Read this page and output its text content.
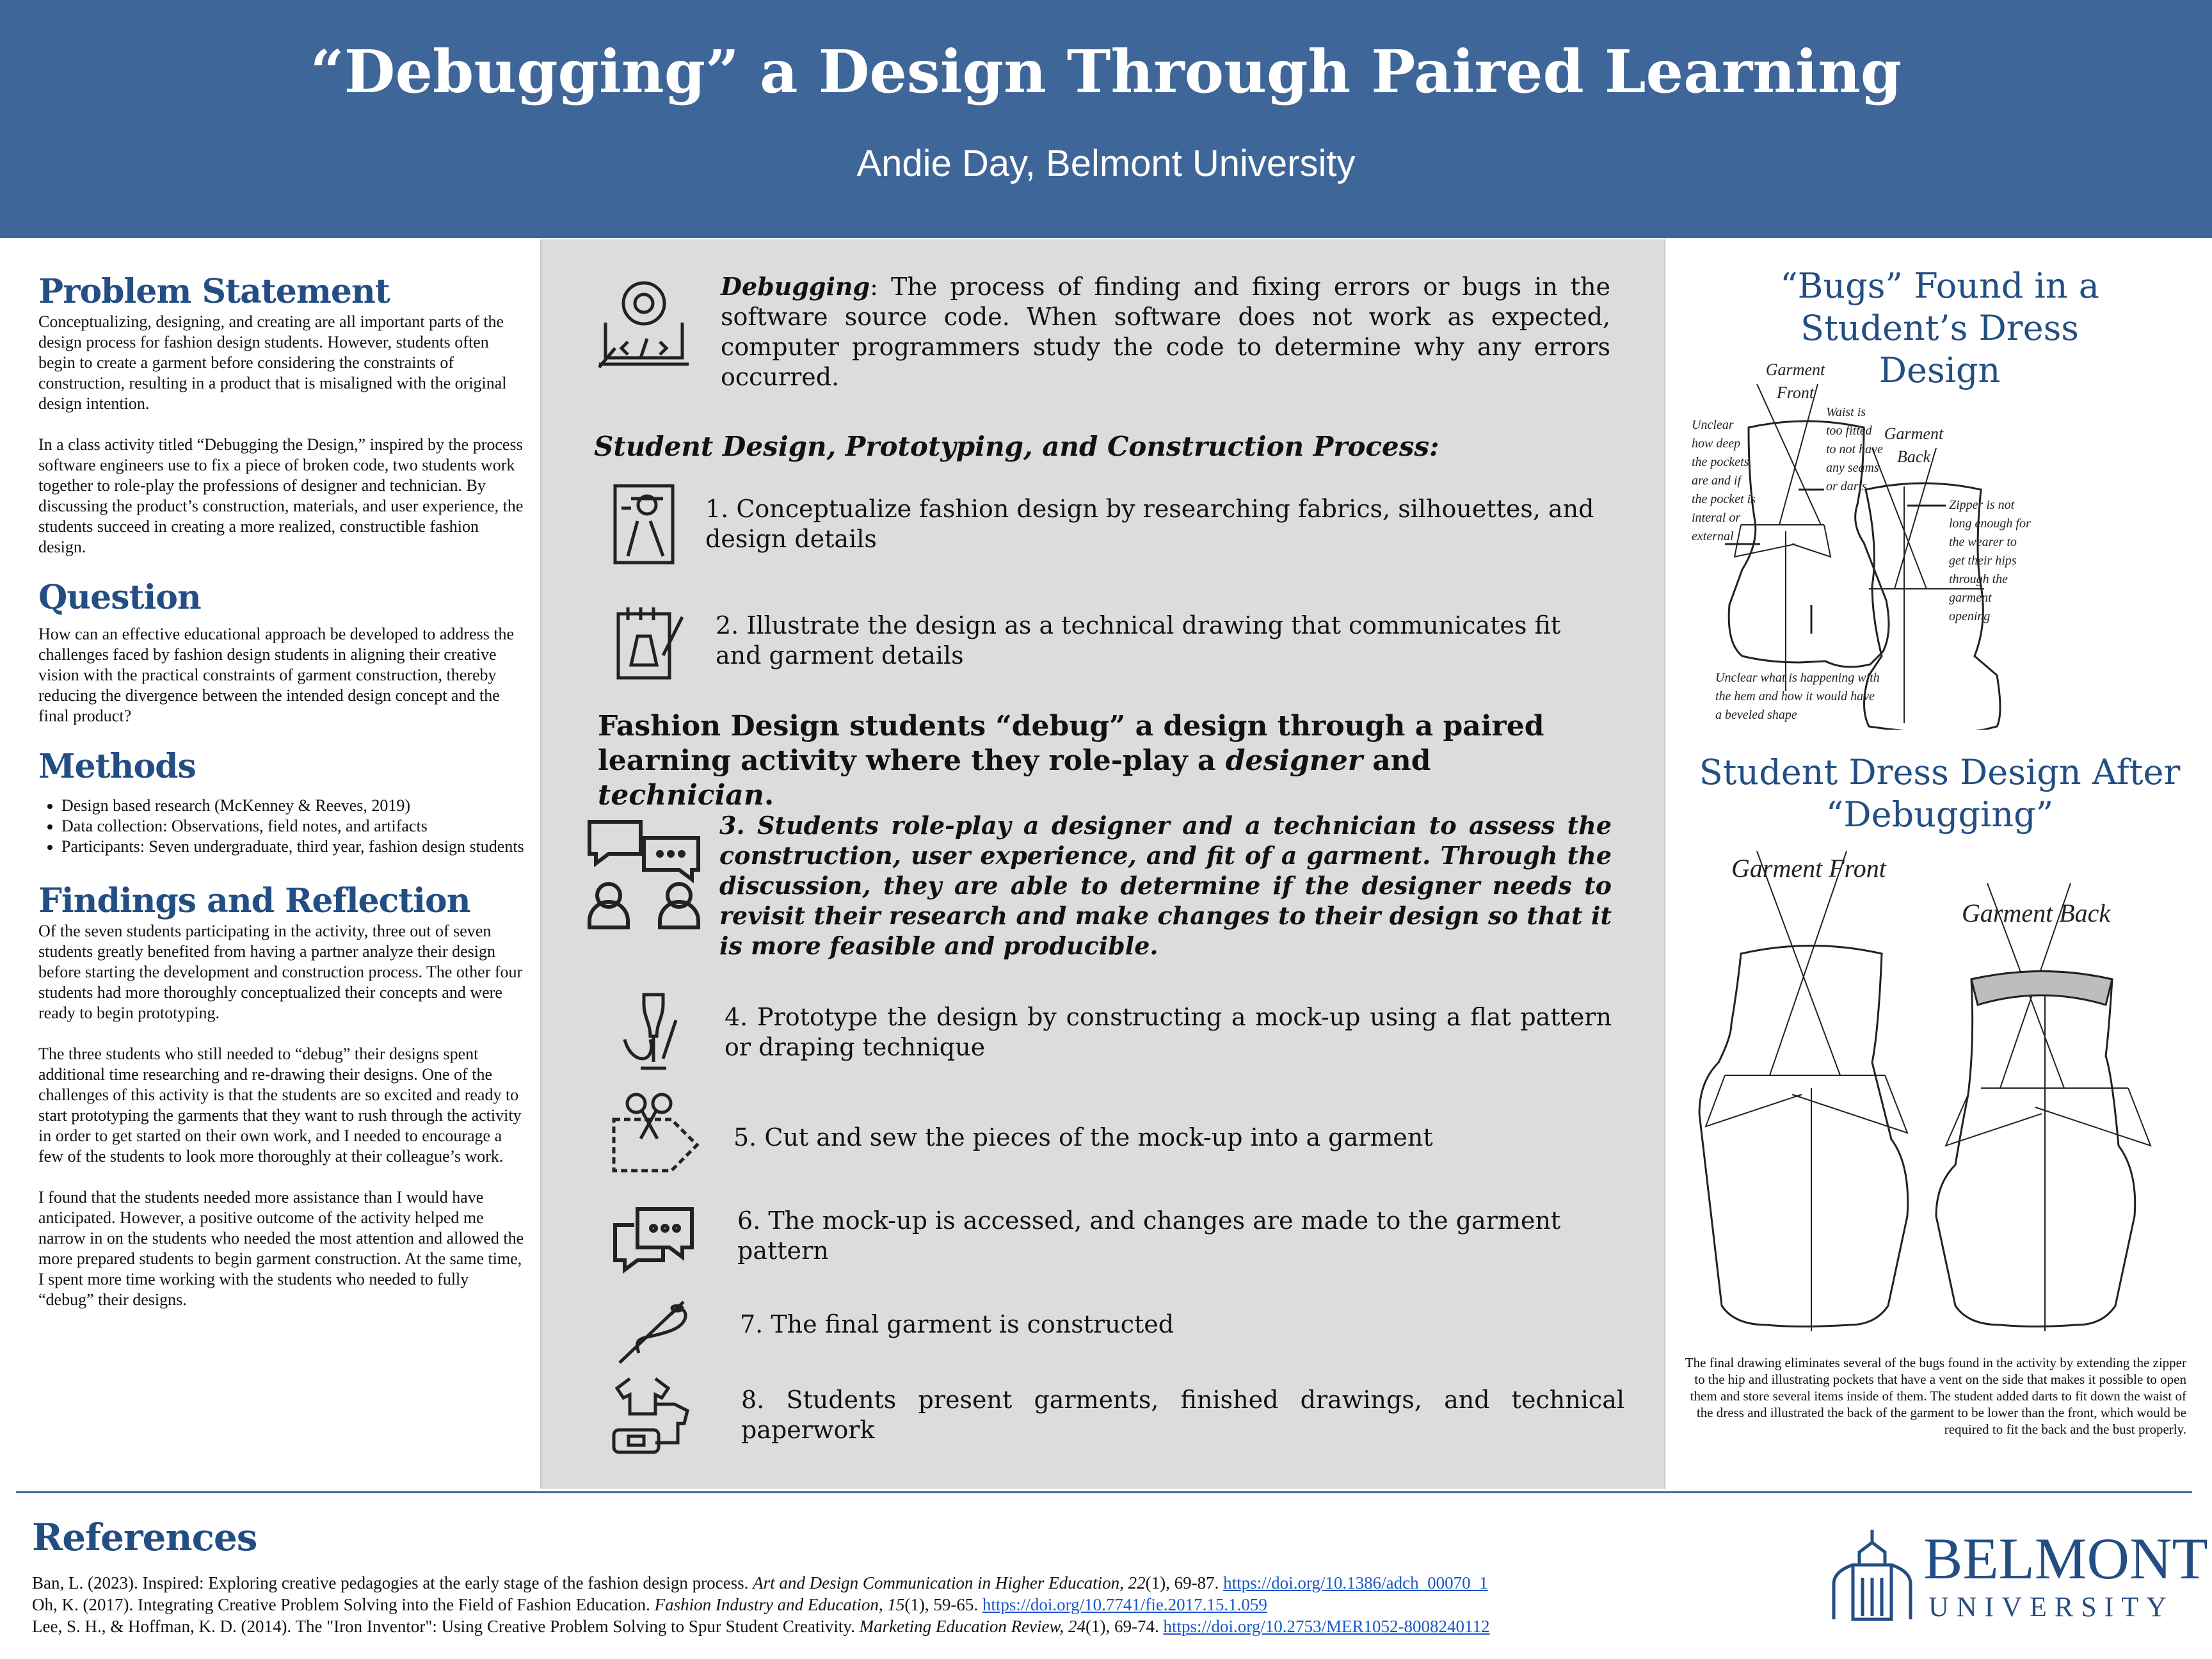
“Debugging” a Design Through Paired Learning
Andie Day, Belmont University
Problem Statement

Conceptualizing, designing, and creating are all important parts of the design process for fashion design students. However, students often begin to create a garment before considering the constraints of construction, resulting in a product that is misaligned with the original design intention.

In a class activity titled “Debugging the Design,” inspired by the process software engineers use to fix a piece of broken code, two students work together to role-play the professions of designer and technician. By discussing the product’s construction, materials, and user experience, the students succeed in creating a more realized, constructible fashion design.

Question

How can an effective educational approach be developed to address the challenges faced by fashion design students in aligning their creative vision with the practical constraints of garment construction, thereby reducing the divergence between the intended design concept and the final product?

Methods
• Design based research (McKenney & Reeves, 2019)
• Data collection: Observations, field notes, and artifacts
• Participants: Seven undergraduate, third year, fashion design students
Findings and Reflection

Of the seven students participating in the activity, three out of seven students greatly benefited from having a partner analyze their design before starting the development and construction process. The other four students had more thoroughly conceptualized their concepts and were ready to begin prototyping.

The three students who still needed to “debug” their designs spent additional time researching and re-drawing their designs. One of the challenges of this activity is that the students are so excited and ready to start prototyping the garments that they want to rush through the activity in order to get started on their own work, and I needed to encourage a few of the students to look more thoroughly at their colleague’s work.

I found that the students needed more assistance than I would have anticipated. However, a positive outcome of the activity helped me narrow in on the students who needed the most attention and allowed the more prepared students to begin garment construction. At the same time, I spent more time working with the students who needed to fully “debug” their designs.

Debugging: The process of finding and fixing errors or bugs in the software source code. When software does not work as expected, computer programmers study the code to determine why any errors occurred.
Student Design, Prototyping, and Construction Process:
1. Conceptualize fashion design by researching fabrics, silhouettes, and design details
2. Illustrate the design as a technical drawing that communicates fit and garment details
Fashion Design students “debug” a design through a paired learning activity where they role-play a designer and technician.
3. Students role-play a designer and a technician to assess the construction, user experience, and fit of a garment. Through the discussion, they are able to determine if the designer needs to revisit their research and make changes to their design so that it is more feasible and producible.
4. Prototype the design by constructing a mock-up using a flat pattern or draping technique
5. Cut and sew the pieces of the mock-up into a garment
6. The mock-up is accessed, and changes are made to the garment pattern
7. The final garment is constructed
8. Students present garments, finished drawings, and technical paperwork
“Bugs” Found in a Student’s Dress Design
Garment Front
Garment Back
Waist is too fitted to not have any seams or darts
Unclear how deep the pockets are and if the pocket is interal or external
Zipper is not long enough for the wearer to get their hips through the garment opening
Unclear what is happening with the hem and how it would have a beveled shape
Student Dress Design After “Debugging”
Garment Front
Garment Back
The final drawing eliminates several of the bugs found in the activity by extending the zipper to the hip and illustrating pockets that have a vent on the side that makes it possible to open them and store several items inside of them. The student added darts to fit down the waist of the dress and illustrated the back of the garment to be lower than the front, which would be required to fit the back and the bust properly.
References
Ban, L. (2023). Inspired: Exploring creative pedagogies at the early stage of the fashion design process. Art and Design Communication in Higher Education, 22(1), 69-87. https://doi.org/10.1386/adch_00070_1
Oh, K. (2017). Integrating Creative Problem Solving into the Field of Fashion Education. Fashion Industry and Education, 15(1), 59-65. https://doi.org/10.7741/fie.2017.15.1.059
Lee, S. H., & Hoffman, K. D. (2014). The "Iron Inventor": Using Creative Problem Solving to Spur Student Creativity. Marketing Education Review, 24(1), 69-74. https://doi.org/10.2753/MER1052-8008240112
BELMONT
UNIVERSITY
